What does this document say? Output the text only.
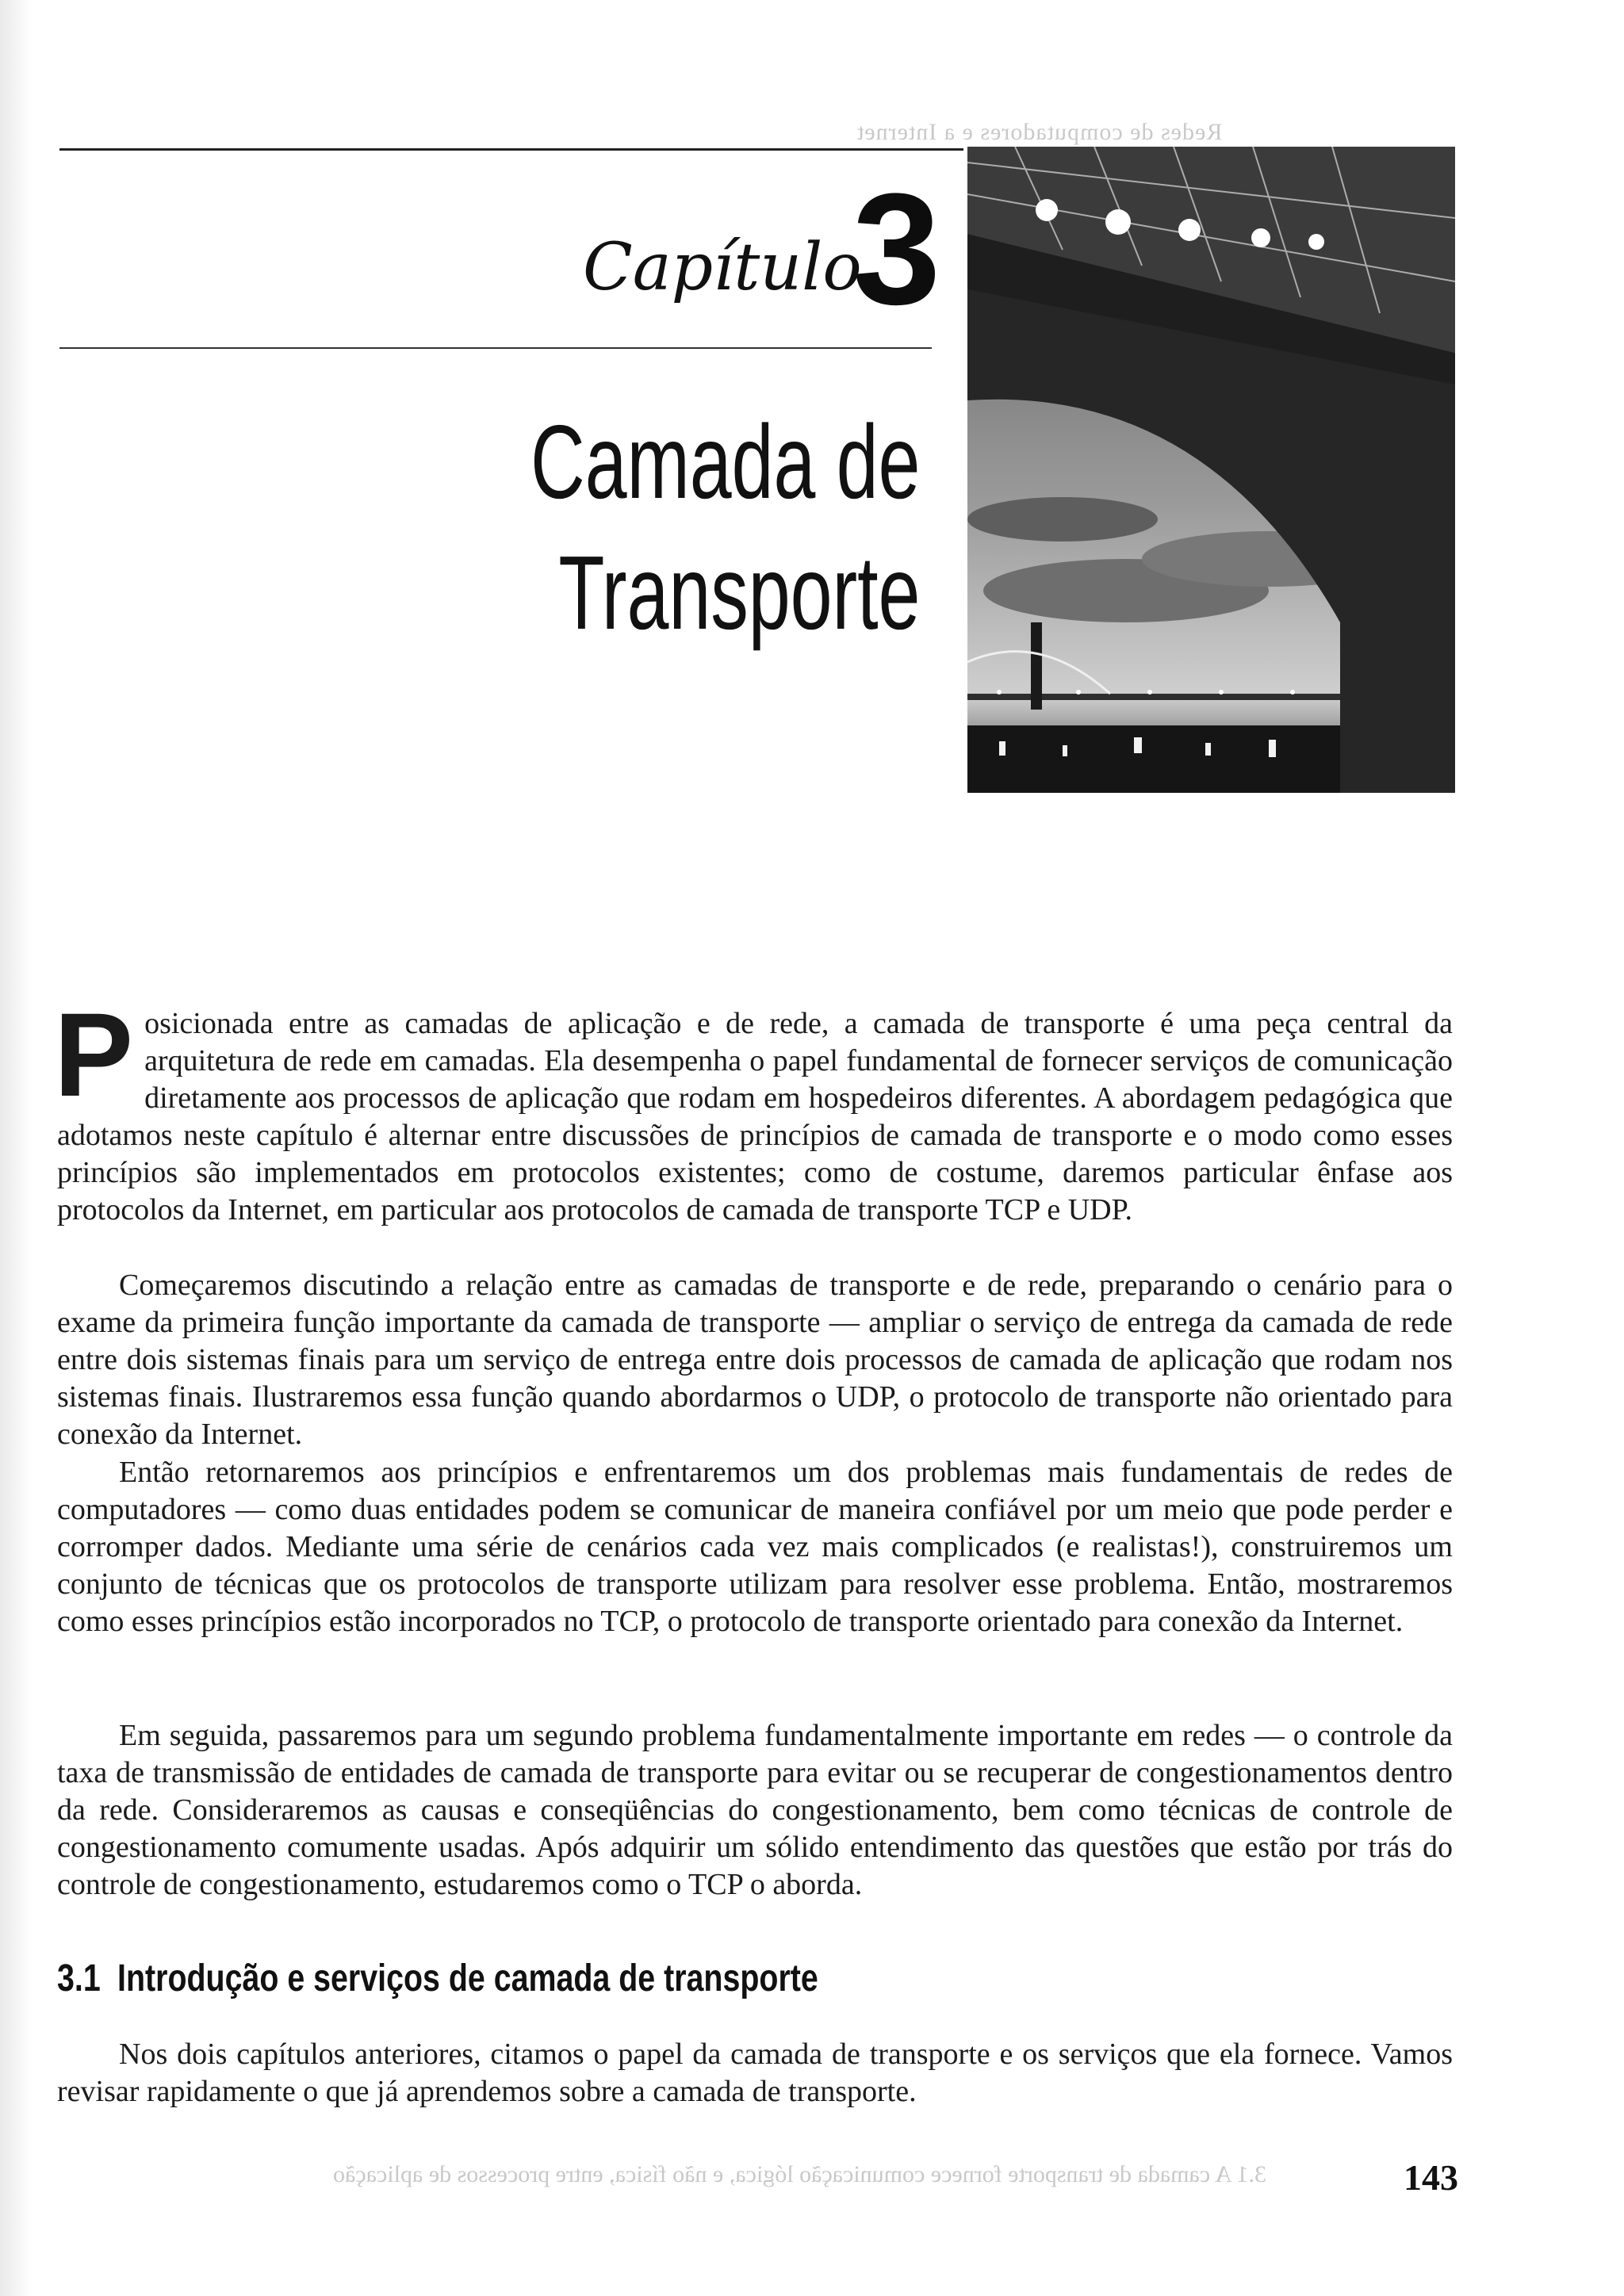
Redes de computadores e a Internet
Capítulo
3
Camada de
Transporte
Posicionada entre as camadas de aplicação e de rede, a camada de transporte é uma peça central da arquitetura de rede em camadas. Ela desempenha o papel fundamental de fornecer serviços de comunicação diretamente aos processos de aplicação que rodam em hospedeiros diferentes. A abordagem pedagógica que adotamos neste capítulo é alternar entre discussões de princípios de camada de transporte e o modo como esses princípios são implementados em protocolos existentes; como de costume, daremos particular ênfase aos protocolos da Internet, em particular aos protocolos de camada de transporte TCP e UDP.
Começaremos discutindo a relação entre as camadas de transporte e de rede, preparando o cenário para o exame da primeira função importante da camada de transporte — ampliar o serviço de entrega da camada de rede entre dois sistemas finais para um serviço de entrega entre dois processos de camada de aplicação que rodam nos sistemas finais. Ilustraremos essa função quando abordarmos o UDP, o protocolo de transporte não orientado para conexão da Internet.
Então retornaremos aos princípios e enfrentaremos um dos problemas mais fundamentais de redes de computadores — como duas entidades podem se comunicar de maneira confiável por um meio que pode perder e corromper dados. Mediante uma série de cenários cada vez mais complicados (e realistas!), construiremos um conjunto de técnicas que os protocolos de transporte utilizam para resolver esse problema. Então, mostraremos como esses princípios estão incorporados no TCP, o protocolo de transporte orientado para conexão da Internet.
Em seguida, passaremos para um segundo problema fundamentalmente importante em redes — o controle da taxa de transmissão de entidades de camada de transporte para evitar ou se recuperar de congestionamentos dentro da rede. Consideraremos as causas e conseqüências do congestionamento, bem como técnicas de controle de congestionamento comumente usadas. Após adquirir um sólido entendimento das questões que estão por trás do controle de congestionamento, estudaremos como o TCP o aborda.
3.1 Introdução e serviços de camada de transporte
Nos dois capítulos anteriores, citamos o papel da camada de transporte e os serviços que ela fornece. Vamos revisar rapidamente o que já aprendemos sobre a camada de transporte.
3.1 A camada de transporte fornece comunicação lógica, e não física, entre processos de aplicação	143
